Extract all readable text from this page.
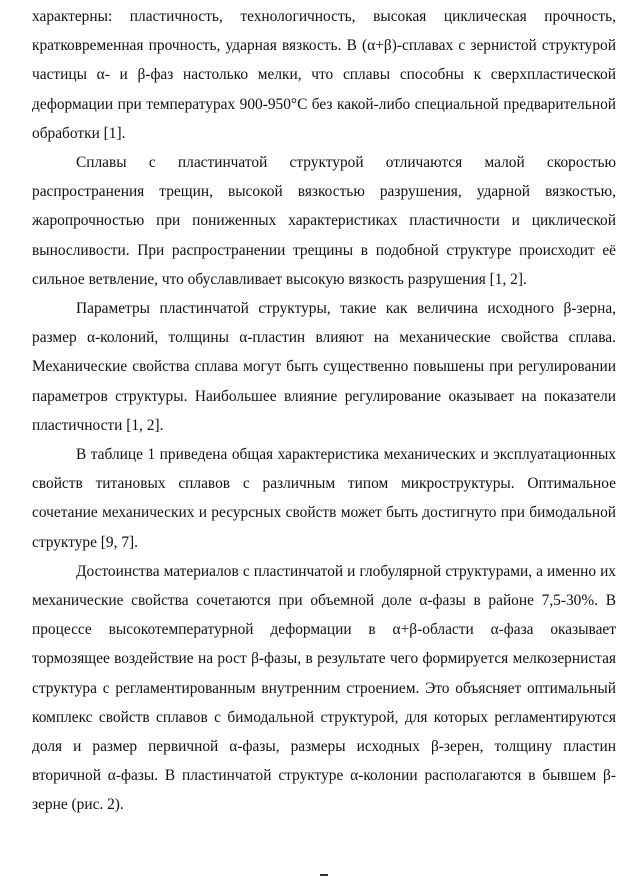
характерны: пластичность, технологичность, высокая циклическая прочность, кратковременная прочность, ударная вязкость. В (α+β)-сплавах с зернистой структурой частицы α- и β-фаз настолько мелки, что сплавы способны к сверхпластической деформации при температурах 900-950°С без какой-либо специальной предварительной обработки [1].

Сплавы с пластинчатой структурой отличаются малой скоростью распространения трещин, высокой вязкостью разрушения, ударной вязкостью, жаропрочностью при пониженных характеристиках пластичности и циклической выносливости. При распространении трещины в подобной структуре происходит её сильное ветвление, что обуславливает высокую вязкость разрушения [1, 2].

Параметры пластинчатой структуры, такие как величина исходного β-зерна, размер α-колоний, толщины α-пластин влияют на механические свойства сплава. Механические свойства сплава могут быть существенно повышены при регулировании параметров структуры. Наибольшее влияние регулирование оказывает на показатели пластичности [1, 2].

В таблице 1 приведена общая характеристика механических и эксплуатационных свойств титановых сплавов с различным типом микроструктуры. Оптимальное сочетание механических и ресурсных свойств может быть достигнуто при бимодальной структуре [9, 7].

Достоинства материалов с пластинчатой и глобулярной структурами, а именно их механические свойства сочетаются при объемной доле α-фазы в районе 7,5-30%. В процессе высокотемпературной деформации в α+β-области α-фаза оказывает тормозящее воздействие на рост β-фазы, в результате чего формируется мелкозернистая структура с регламентированным внутренним строением. Это объясняет оптимальный комплекс свойств сплавов с бимодальной структурой, для которых регламентируются доля и размер первичной α-фазы, размеры исходных β-зерен, толщину пластин вторичной α-фазы. В пластинчатой структуре α-колонии располагаются в бывшем β-зерне (рис. 2).
